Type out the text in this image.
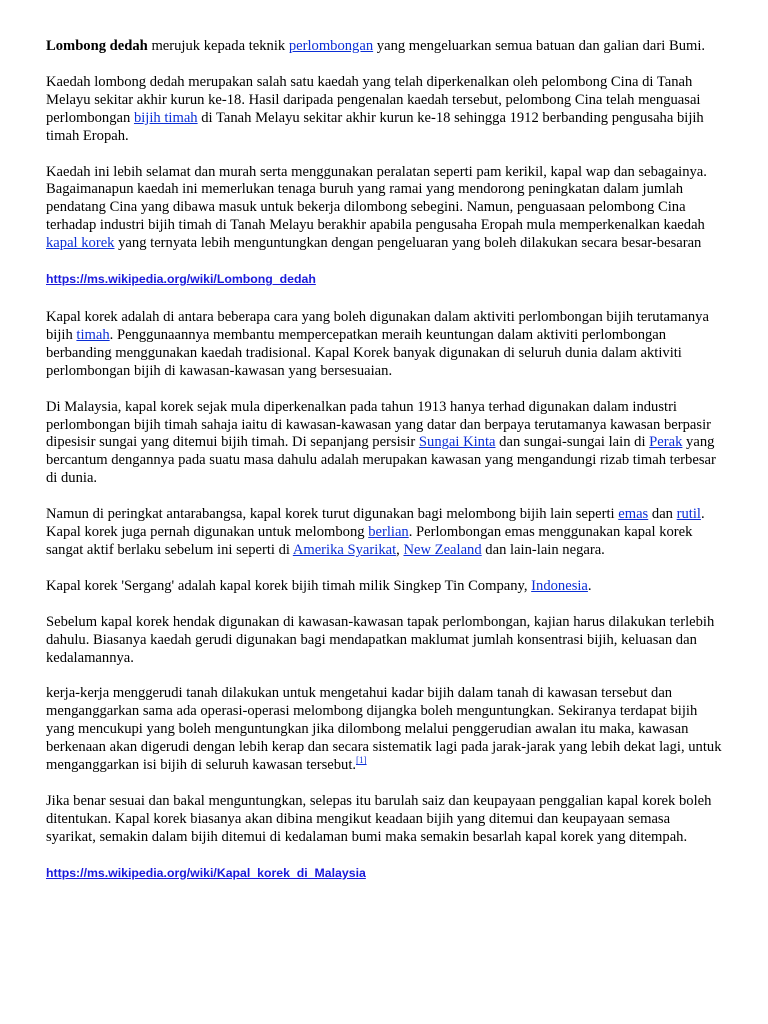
Lombong dedah merujuk kepada teknik perlombongan yang mengeluarkan semua batuan dan galian dari Bumi.

Kaedah lombong dedah merupakan salah satu kaedah yang telah diperkenalkan oleh pelombong Cina di Tanah Melayu sekitar akhir kurun ke-18. Hasil daripada pengenalan kaedah tersebut, pelombong Cina telah menguasai perlombongan bijih timah di Tanah Melayu sekitar akhir kurun ke-18 sehingga 1912 berbanding pengusaha bijih timah Eropah.

Kaedah ini lebih selamat dan murah serta menggunakan peralatan seperti pam kerikil, kapal wap dan sebagainya. Bagaimanapun kaedah ini memerlukan tenaga buruh yang ramai yang mendorong peningkatan dalam jumlah pendatang Cina yang dibawa masuk untuk bekerja dilombong sebegini. Namun, penguasaan pelombong Cina terhadap industri bijih timah di Tanah Melayu berakhir apabila pengusaha Eropah mula memperkenalkan kaedah kapal korek yang ternyata lebih menguntungkan dengan pengeluaran yang boleh dilakukan secara besar-besaran

https://ms.wikipedia.org/wiki/Lombong_dedah

Kapal korek adalah di antara beberapa cara yang boleh digunakan dalam aktiviti perlombongan bijih terutamanya bijih timah. Penggunaannya membantu mempercepatkan meraih keuntungan dalam aktiviti perlombongan berbanding menggunakan kaedah tradisional. Kapal Korek banyak digunakan di seluruh dunia dalam aktiviti perlombongan bijih di kawasan-kawasan yang bersesuaian.

Di Malaysia, kapal korek sejak mula diperkenalkan pada tahun 1913 hanya terhad digunakan dalam industri perlombongan bijih timah sahaja iaitu di kawasan-kawasan yang datar dan berpaya terutamanya kawasan berpasir dipesisir sungai yang ditemui bijih timah. Di sepanjang persisir Sungai Kinta dan sungai-sungai lain di Perak yang bercantum dengannya pada suatu masa dahulu adalah merupakan kawasan yang mengandungi rizab timah terbesar di dunia.

Namun di peringkat antarabangsa, kapal korek turut digunakan bagi melombong bijih lain seperti emas dan rutil. Kapal korek juga pernah digunakan untuk melombong berlian. Perlombongan emas menggunakan kapal korek sangat aktif berlaku sebelum ini seperti di Amerika Syarikat, New Zealand dan lain-lain negara.

Kapal korek 'Sergang' adalah kapal korek bijih timah milik Singkep Tin Company, Indonesia.

Sebelum kapal korek hendak digunakan di kawasan-kawasan tapak perlombongan, kajian harus dilakukan terlebih dahulu. Biasanya kaedah gerudi digunakan bagi mendapatkan maklumat jumlah konsentrasi bijih, keluasan dan kedalamannya.

kerja-kerja menggerudi tanah dilakukan untuk mengetahui kadar bijih dalam tanah di kawasan tersebut dan menganggarkan sama ada operasi-operasi melombong dijangka boleh menguntungkan. Sekiranya terdapat bijih yang mencukupi yang boleh menguntungkan jika dilombong melalui penggerudian awalan itu maka, kawasan berkenaan akan digerudi dengan lebih kerap dan secara sistematik lagi pada jarak-jarak yang lebih dekat lagi, untuk menganggarkan isi bijih di seluruh kawasan tersebut.[1]

Jika benar sesuai dan bakal menguntungkan, selepas itu barulah saiz dan keupayaan penggalian kapal korek boleh ditentukan. Kapal korek biasanya akan dibina mengikut keadaan bijih yang ditemui dan keupayaan semasa syarikat, semakin dalam bijih ditemui di kedalaman bumi maka semakin besarlah kapal korek yang ditempah.

https://ms.wikipedia.org/wiki/Kapal_korek_di_Malaysia
